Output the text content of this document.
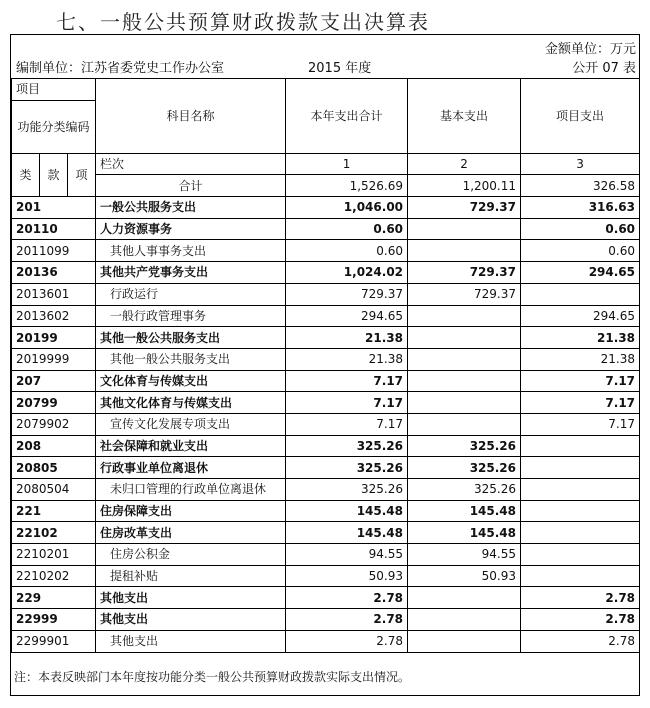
七、一般公共预算财政拨款支出决算表
金额单位：万元
编制单位：江苏省委党史工作办公室	2015 年度	公开 07 表
项目			科目名称	本年支出合计	基本支出	项目支出
功能分类编码						
类	款	项				
			栏次	1	2	3
			合计	1,526.69	1,200.11	326.58
201			一般公共服务支出	1,046.00	729.37	316.63
20110			人力资源事务	0.60		0.60
2011099			其他人事事务支出	0.60		0.60
20136			其他共产党事务支出	1,024.02	729.37	294.65
2013601			行政运行	729.37	729.37	
2013602			一般行政管理事务	294.65		294.65
20199			其他一般公共服务支出	21.38		21.38
2019999			其他一般公共服务支出	21.38		21.38
207			文化体育与传媒支出	7.17		7.17
20799			其他文化体育与传媒支出	7.17		7.17
2079902			宣传文化发展专项支出	7.17		7.17
208			社会保障和就业支出	325.26	325.26	
20805			行政事业单位离退休	325.26	325.26	
2080504			未归口管理的行政单位离退休	325.26	325.26	
221			住房保障支出	145.48	145.48	
22102			住房改革支出	145.48	145.48	
2210201			住房公积金	94.55	94.55	
2210202			提租补贴	50.93	50.93	
229			其他支出	2.78		2.78
22999			其他支出	2.78		2.78
2299901			其他支出	2.78		2.78
注：本表反映部门本年度按功能分类一般公共预算财政拨款实际支出情况。
